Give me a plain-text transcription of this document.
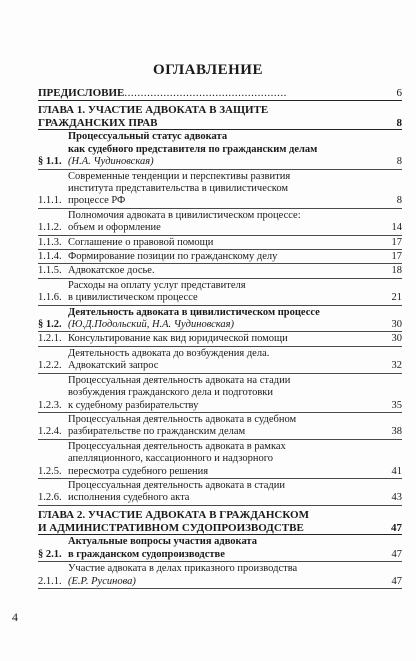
ОГЛАВЛЕНИЕ
ПРЕДИСЛОВИЕ..................................................	6
ГЛАВА 1. УЧАСТИЕ АДВОКАТА В ЗАЩИТЕ
ГРАЖДАНСКИХ ПРАВ	8
§ 1.1.
Процессуальный статус адвоката
как судебного представителя по гражданским делам
(Н.А. Чудиновская)	8
1.1.1.
Современные тенденции и перспективы развития
института представительства в цивилистическом
процессе РФ	8
1.1.2.
Полномочия адвоката в цивилистическом процессе:
объем и оформление	14
1.1.3. Соглашение о правовой помощи	17
1.1.4. Формирование позиции по гражданскому делу	17
1.1.5. Адвокатское досье.	18
1.1.6.
Расходы на оплату услуг представителя
в цивилистическом процессе	21
§ 1.2.
Деятельность адвоката в цивилистическом процессе
(Ю.Д.Подольский, Н.А. Чудиновская)	30
1.2.1. Консультирование как вид юридической помощи	30
1.2.2.
Деятельность адвоката до возбуждения дела.
Адвокатский запрос	32
1.2.3.
Процессуальная деятельность адвоката на стадии
возбуждения гражданского дела и подготовки
к судебному разбирательству	35
1.2.4.
Процессуальная деятельность адвоката в судебном
разбирательстве по гражданским делам	38
1.2.5.
Процессуальная деятельность адвоката в рамках
апелляционного, кассационного и надзорного
пересмотра судебного решения	41
1.2.6.
Процессуальная деятельность адвоката в стадии
исполнения судебного акта	43
ГЛАВА 2. УЧАСТИЕ АДВОКАТА В ГРАЖДАНСКОМ
И АДМИНИСТРАТИВНОМ СУДОПРОИЗВОДСТВЕ	47
§ 2.1.
Актуальные вопросы участия адвоката
в гражданском судопроизводстве	47
2.1.1.
Участие адвоката в делах приказного производства
(Е.Р. Русинова)	47
4
